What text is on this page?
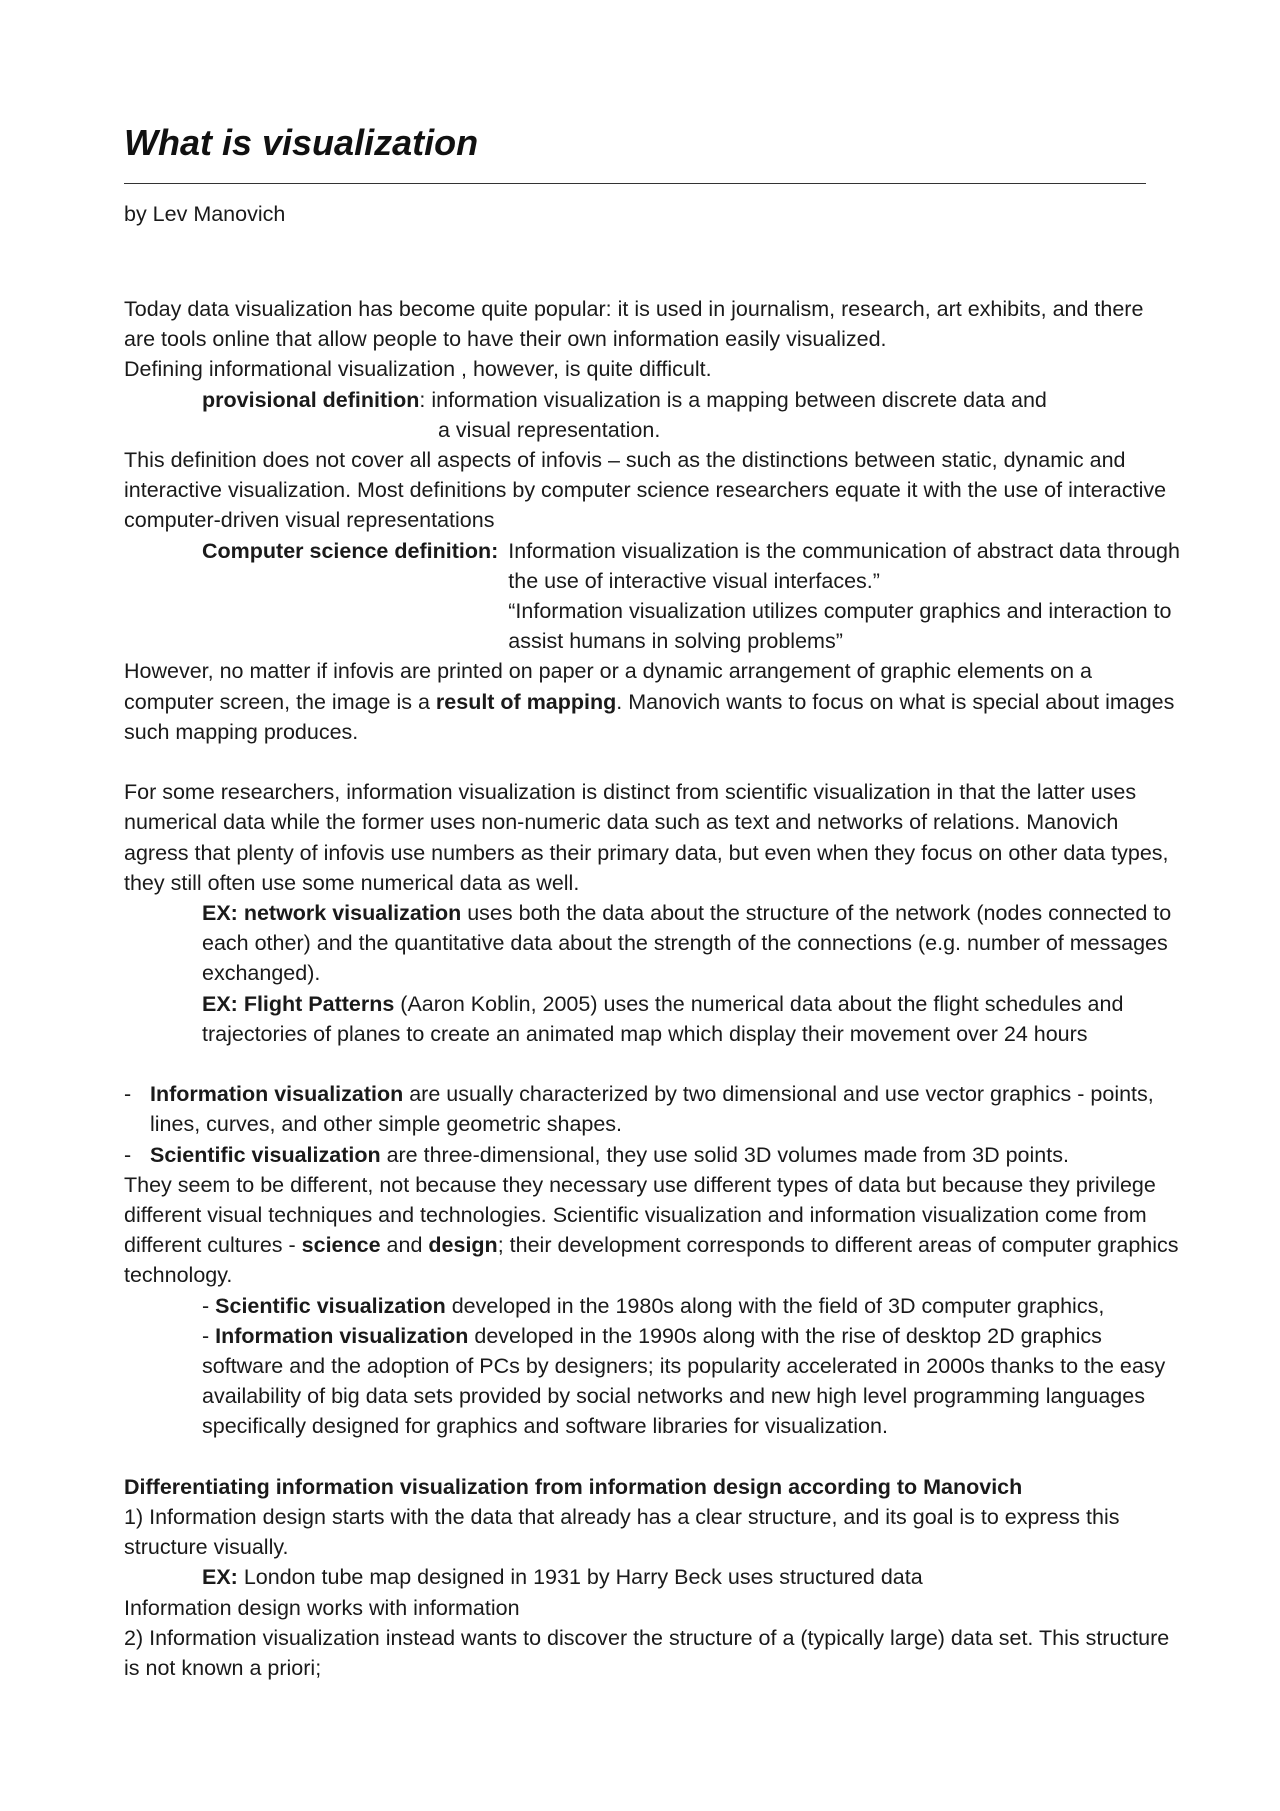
What is visualization
by Lev Manovich

Today data visualization has become quite popular: it is used in journalism, research, art exhibits, and there are tools online that allow people to have their own information easily visualized.

Defining informational visualization , however, is quite difficult.

provisional definition: information visualization is a mapping between discrete data and

a visual representation.

This definition does not cover all aspects of infovis – such as the distinctions between static, dynamic and interactive visualization. Most definitions by computer science researchers equate it with the use of interactive computer-driven visual representations

Computer science definition: Information visualization is the communication of abstract data through the use of interactive visual interfaces.”

“Information visualization utilizes computer graphics and interaction to assist humans in solving problems”

However, no matter if infovis are printed on paper or a dynamic arrangement of graphic elements on a computer screen, the image is a result of mapping. Manovich wants to focus on what is special about images such mapping produces.

For some researchers, information visualization is distinct from scientific visualization in that the latter uses numerical data while the former uses non-numeric data such as text and networks of relations. Manovich agress that plenty of infovis use numbers as their primary data, but even when they focus on other data types, they still often use some numerical data as well.

EX: network visualization uses both the data about the structure of the network (nodes connected to each other) and the quantitative data about the strength of the connections (e.g. number of messages exchanged).

EX: Flight Patterns (Aaron Koblin, 2005) uses the numerical data about the flight schedules and trajectories of planes to create an animated map which display their movement over 24 hours

- Information visualization are usually characterized by two dimensional and use vector graphics - points, lines, curves, and other simple geometric shapes.

- Scientific visualization are three-dimensional, they use solid 3D volumes made from 3D points.

They seem to be different, not because they necessary use different types of data but because they privilege different visual techniques and technologies. Scientific visualization and information visualization come from different cultures - science and design; their development corresponds to different areas of computer graphics technology.

- Scientific visualization developed in the 1980s along with the field of 3D computer graphics,

- Information visualization developed in the 1990s along with the rise of desktop 2D graphics software and the adoption of PCs by designers; its popularity accelerated in 2000s thanks to the easy availability of big data sets provided by social networks and new high level programming languages specifically designed for graphics and software libraries for visualization.

Differentiating information visualization from information design according to Manovich

1) Information design starts with the data that already has a clear structure, and its goal is to express this structure visually.

EX: London tube map designed in 1931 by Harry Beck uses structured data

Information design works with information

2) Information visualization instead wants to discover the structure of a (typically large) data set. This structure is not known a priori;
